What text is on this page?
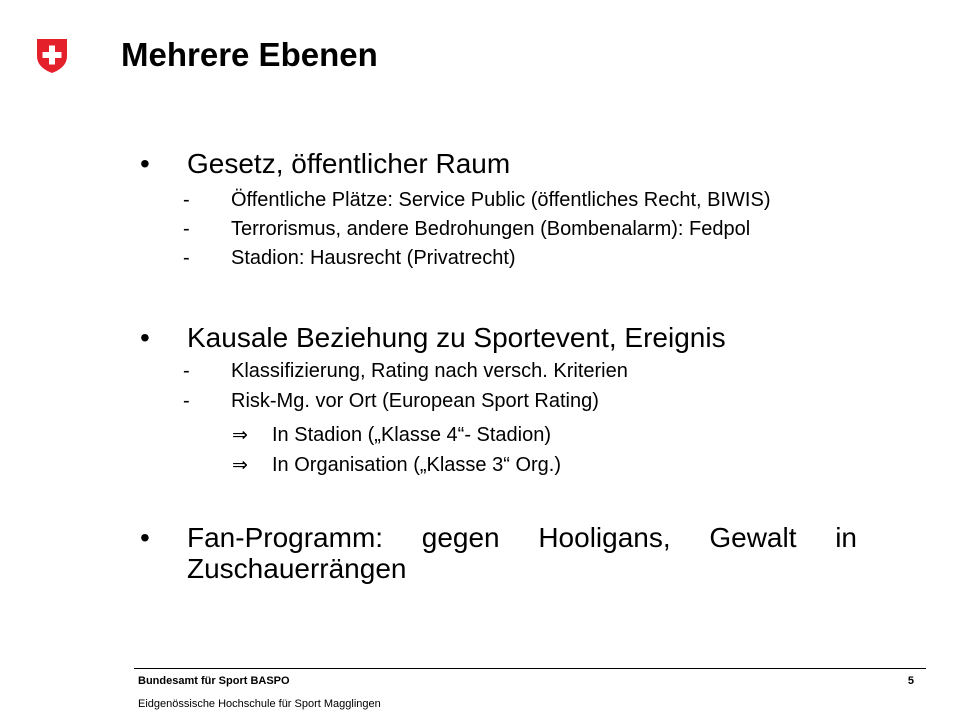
Mehrere Ebenen
•	Gesetz, öffentlicher Raum
-	Öffentliche Plätze: Service Public (öffentliches Recht, BIWIS)
-	Terrorismus, andere Bedrohungen (Bombenalarm): Fedpol
-	Stadion: Hausrecht (Privatrecht)
•	Kausale Beziehung zu Sportevent, Ereignis
-	Klassifizierung, Rating nach versch. Kriterien
-	Risk-Mg. vor Ort (European Sport Rating)
⇒ In Stadion („Klasse 4“- Stadion)
⇒ In Organisation („Klasse 3“ Org.)
•	Fan-Programm: gegen Hooligans, Gewalt in Zuschauerrängen
Bundesamt für Sport BASPO
Eidgenössische Hochschule für Sport Magglingen
5
